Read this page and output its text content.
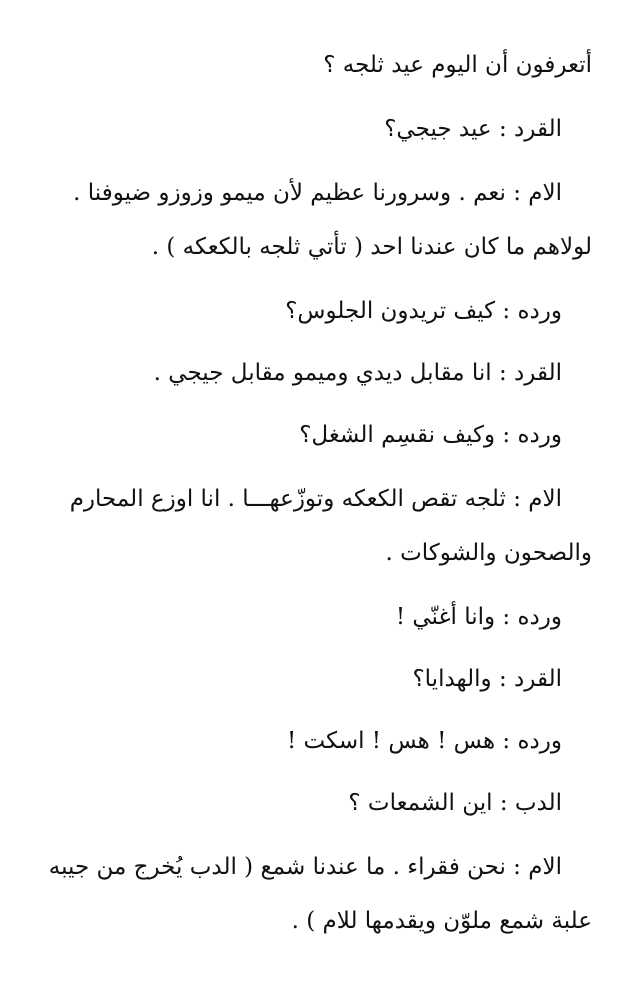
أتعرفون أن اليوم عيد ثلجه ؟
القرد : عيد جيجي؟
الام : نعم . وسرورنا عظيم لأن ميمو وزوزو ضيوفنا .
لولاهم ما كان عندنا احد ( تأتي ثلجه بالكعكه ) .
ورده : كيف تريدون الجلوس؟
القرد : انا مقابل ديدي وميمو مقابل جيجي .
ورده : وكيف نقسِم الشغل؟
الام : ثلجه تقص الكعكه وتوزّعهـــا . انا اوزع المحارم
والصحون والشوكات .
ورده : وانا أغنّي !
القرد : والهدايا؟
ورده : هس ! هس ! اسكت !
الدب : اين الشمعات ؟
الام : نحن فقراء . ما عندنا شمع ( الدب يُخرج من جيبه
علبة شمع ملوّن ويقدمها للام ) .
